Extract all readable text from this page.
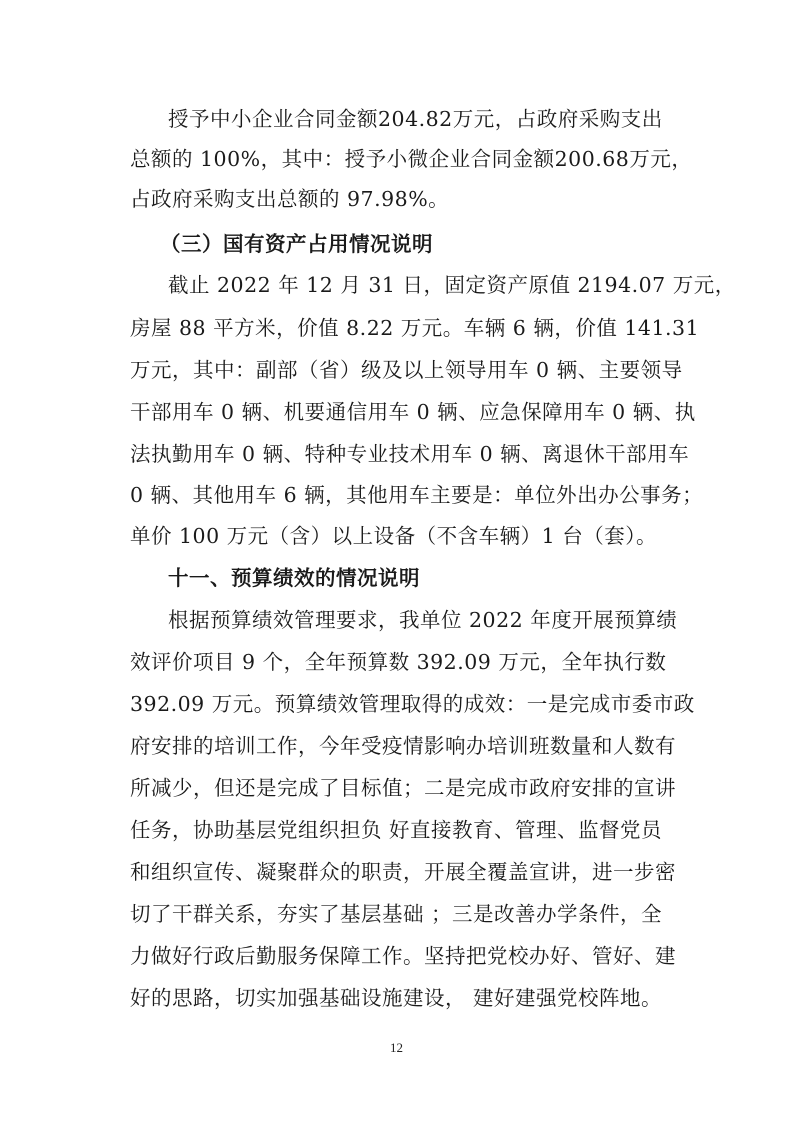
授予中小企业合同金额204.82万元，占政府采购支出
总额的 100%，其中：授予小微企业合同金额200.68万元，
占政府采购支出总额的 97.98%。
（三）国有资产占用情况说明
截止 2022 年 12 月 31 日，固定资产原值 2194.07 万元，
房屋 88 平方米，价值 8.22 万元。车辆 6 辆，价值 141.31
万元，其中：副部（省）级及以上领导用车 0 辆、主要领导
干部用车 0 辆、机要通信用车 0 辆、应急保障用车 0 辆、执
法执勤用车 0 辆、特种专业技术用车 0 辆、离退休干部用车
0 辆、其他用车 6 辆，其他用车主要是：单位外出办公事务；
单价 100 万元（含）以上设备（不含车辆）1 台（套）。
十一、预算绩效的情况说明
根据预算绩效管理要求，我单位 2022 年度开展预算绩
效评价项目 9 个，全年预算数 392.09 万元，全年执行数
392.09 万元。预算绩效管理取得的成效：一是完成市委市政
府安排的培训工作，今年受疫情影响办培训班数量和人数有
所减少，但还是完成了目标值；二是完成市政府安排的宣讲
任务，协助基层党组织担负 好直接教育、管理、监督党员
和组织宣传、凝聚群众的职责，开展全覆盖宣讲，进一步密
切了干群关系，夯实了基层基础 ；三是改善办学条件，全
力做好行政后勤服务保障工作。坚持把党校办好、管好、建
好的思路，切实加强基础设施建设， 建好建强党校阵地。
12
